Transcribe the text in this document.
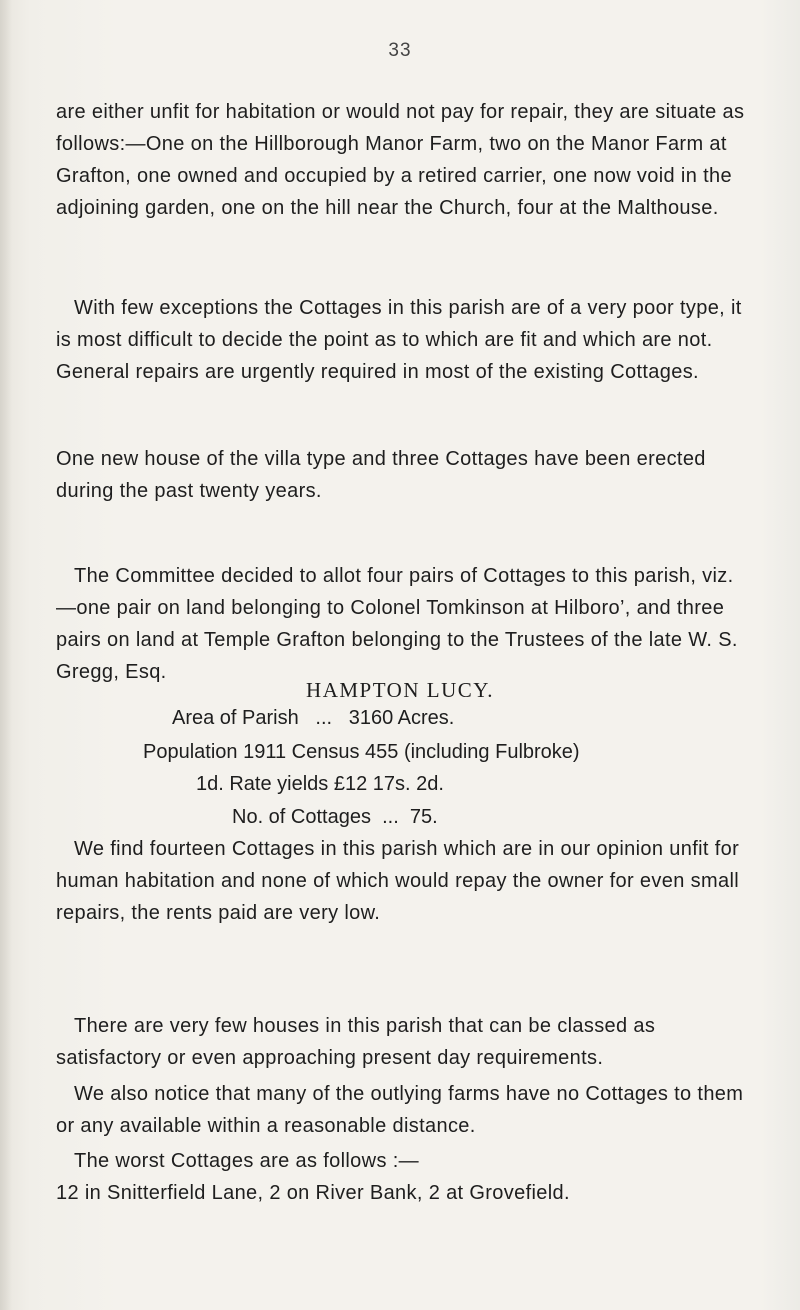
33

are either unfit for habitation or would not pay for repair, they are situate as follows:—One on the Hillborough Manor Farm, two on the Manor Farm at Grafton, one owned and occupied by a retired carrier, one now void in the adjoining garden, one on the hill near the Church, four at the Malthouse.

With few exceptions the Cottages in this parish are of a very poor type, it is most difficult to decide the point as to which are fit and which are not. General repairs are urgently required in most of the existing Cottages.

One new house of the villa type and three Cottages have been erected during the past twenty years.

The Committee decided to allot four pairs of Cottages to this parish, viz.—one pair on land belonging to Colonel Tomkinson at Hilboro’, and three pairs on land at Temple Grafton belonging to the Trustees of the late W. S. Gregg, Esq.

HAMPTON LUCY.
Area of Parish   ...   3160 Acres.
Population 1911 Census 455 (including Fulbroke)
1d. Rate yields £12 17s. 2d.
No. of Cottages  ...  75.

We find fourteen Cottages in this parish which are in our opinion unfit for human habitation and none of which would repay the owner for even small repairs, the rents paid are very low.

There are very few houses in this parish that can be classed as satisfactory or even approaching present day requirements.

We also notice that many of the outlying farms have no Cottages to them or any available within a reasonable distance.

The worst Cottages are as follows :—

12 in Snitterfield Lane, 2 on River Bank, 2 at Grovefield.
